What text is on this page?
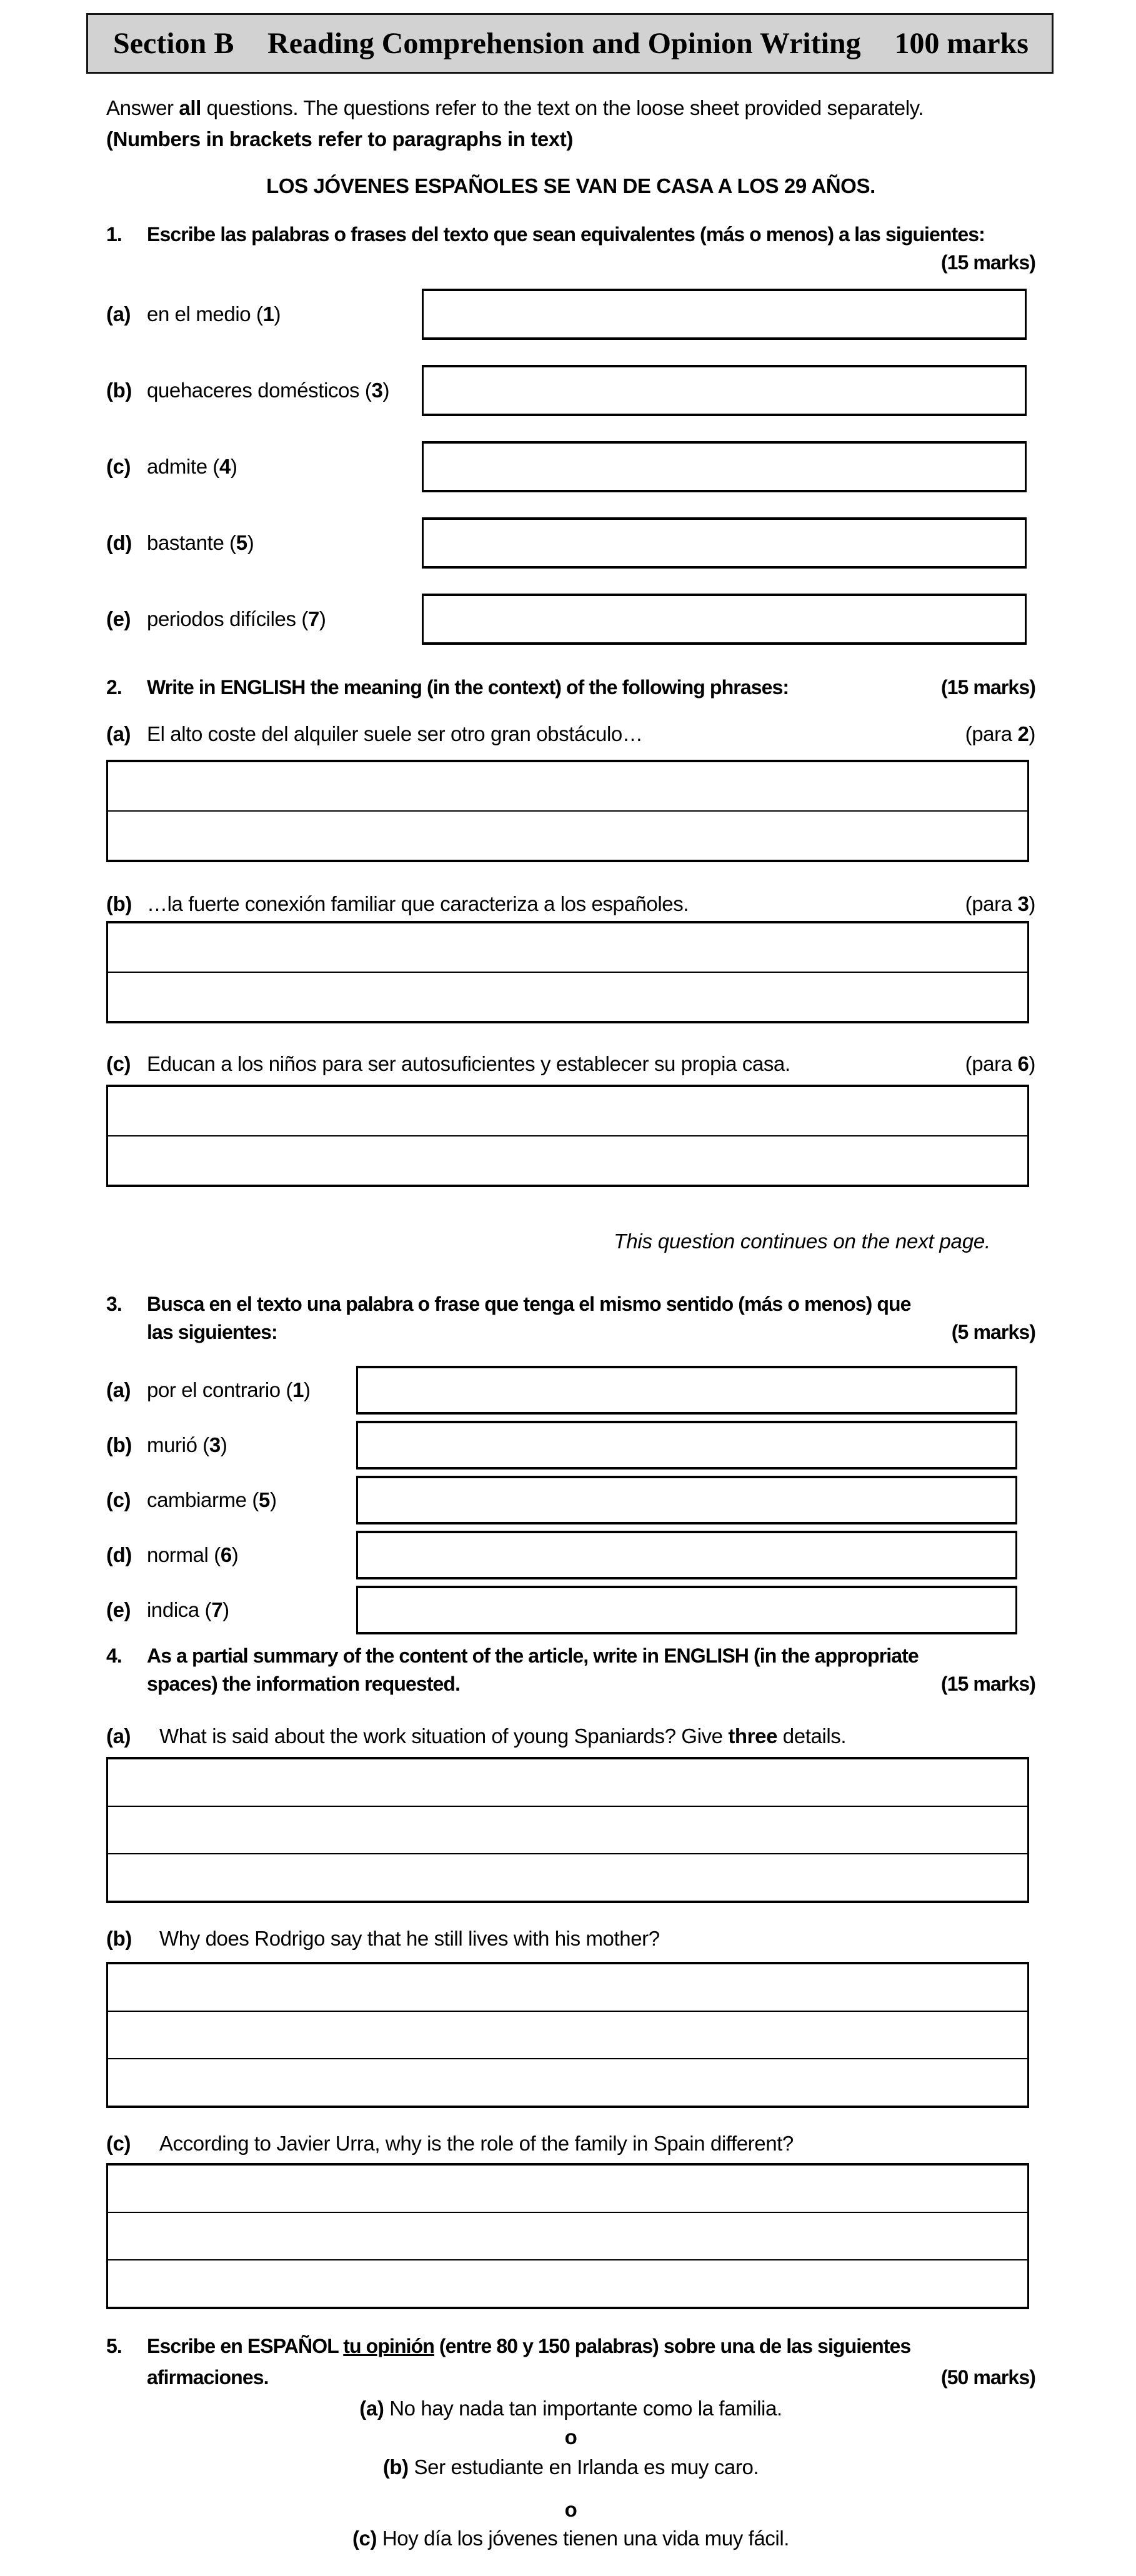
Section B Reading Comprehension and Opinion Writing 100 marks
Answer all questions. The questions refer to the text on the loose sheet provided separately.
(Numbers in brackets refer to paragraphs in text)
LOS JÓVENES ESPAÑOLES SE VAN DE CASA A LOS 29 AÑOS.
1.	Escribe las palabras o frases del texto que sean equivalentes (más o menos) a las siguientes:
(15 marks)
(a) en el medio (1)
(b) quehaceres domésticos (3)
(c) admite (4)
(d) bastante (5)
(e) periodos difíciles (7)
2.	Write in ENGLISH the meaning (in the context) of the following phrases:	(15 marks)
(a) El alto coste del alquiler suele ser otro gran obstáculo…	(para 2)
(b) …la fuerte conexión familiar que caracteriza a los españoles.	(para 3)
(c) Educan a los niños para ser autosuficientes y establecer su propia casa.	(para 6)
This question continues on the next page.
3.	Busca en el texto una palabra o frase que tenga el mismo sentido (más o menos) que
las siguientes:	(5 marks)
(a) por el contrario (1)
(b) murió (3)
(c) cambiarme (5)
(d) normal (6)
(e) indica (7)
4.	As a partial summary of the content of the article, write in ENGLISH (in the appropriate
spaces) the information requested.	(15 marks)
(a)	What is said about the work situation of young Spaniards? Give three details.
(b)	Why does Rodrigo say that he still lives with his mother?
(c)	According to Javier Urra, why is the role of the family in Spain different?
5.	Escribe en ESPAÑOL tu opinión (entre 80 y 150 palabras) sobre una de las siguientes
afirmaciones.	(50 marks)
(a) No hay nada tan importante como la familia.
o
(b) Ser estudiante en Irlanda es muy caro.
o
(c) Hoy día los jóvenes tienen una vida muy fácil.
